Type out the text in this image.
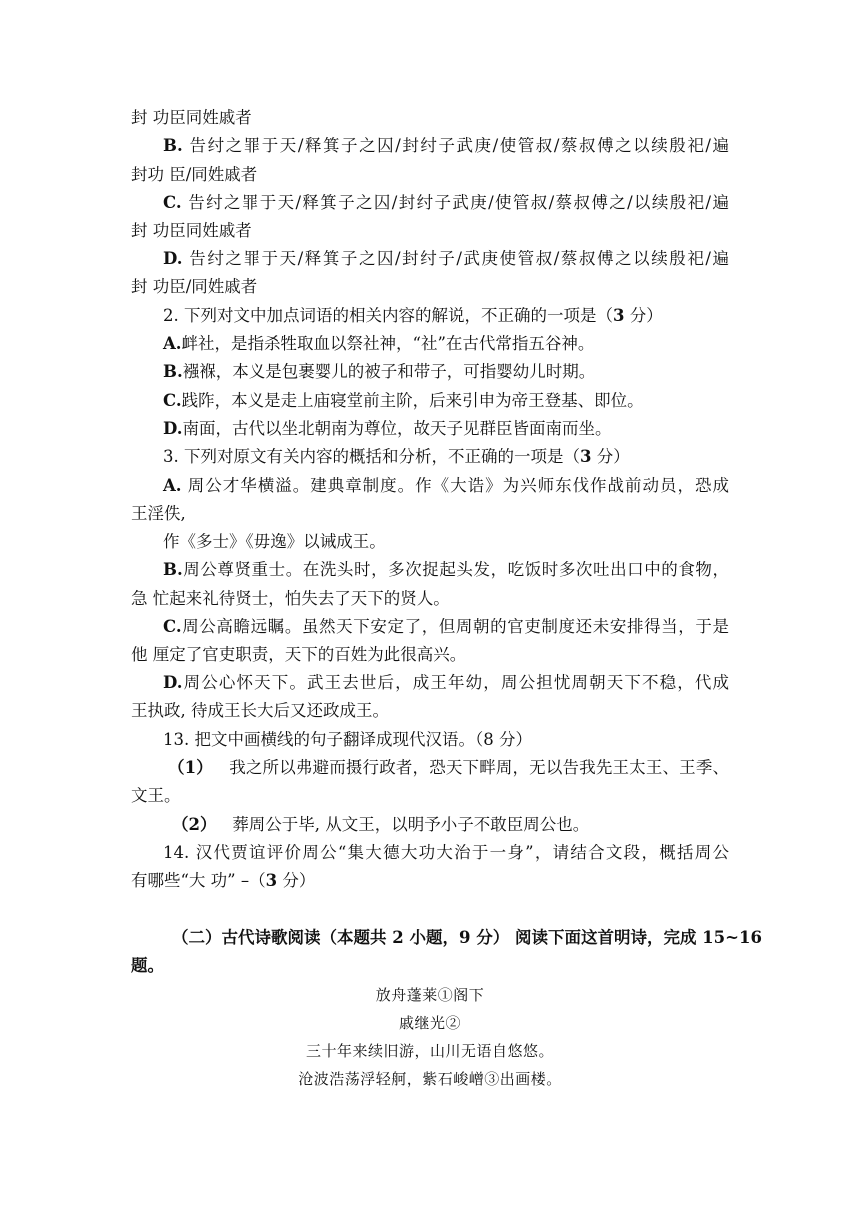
封 功臣同姓戚者
B. 告纣之罪于天/释箕子之囚/封纣子武庚/使管叔/蔡叔傅之以续殷祀/遍
封功 臣/同姓戚者
C. 告纣之罪于天/释箕子之囚/封纣子武庚/使管叔/蔡叔傅之/以续殷祀/遍
封 功臣同姓戚者
D. 告纣之罪于天/释箕子之囚/封纣子/武庚使管叔/蔡叔傅之以续殷祀/遍
封 功臣/同姓戚者
2. 下列对文中加点词语的相关内容的解说，不正确的一项是（3 分）
A.衅社，是指杀牲取血以祭社神，“社”在古代常指五谷神。
B.襁褓，本义是包裹婴儿的被子和带子，可指婴幼儿时期。
C.践阼，本义是走上庙寝堂前主阶，后来引申为帝王登基、即位。
D.南面，古代以坐北朝南为尊位，故天子见群臣皆面南而坐。
3. 下列对原文有关内容的概括和分析，不正确的一项是（3 分）
A. 周公才华横溢。建典章制度。作《大诰》为兴师东伐作战前动员，恐成
王淫佚,
作《多士》《毋逸》以诫成王。
B.周公尊贤重士。在洗头时，多次捉起头发，吃饭时多次吐出口中的食物，
急 忙起来礼待贤士，怕失去了天下的贤人。
C.周公高瞻远瞩。虽然天下安定了，但周朝的官吏制度还未安排得当，于是
他 厘定了官吏职责，天下的百姓为此很高兴。
D.周公心怀天下。武王去世后，成王年幼，周公担忧周朝天下不稳，代成
王执政, 待成王长大后又还政成王。
13. 把文中画横线的句子翻译成现代汉语。（8 分）
（1） 我之所以弗避而摄行政者，恐天下畔周，无以告我先王太王、王季、
文王。
（2） 葬周公于毕, 从文王，以明予小子不敢臣周公也。
14. 汉代贾谊评价周公“集大德大功大治于一身”，请结合文段，概括周公
有哪些“大 功” –（3 分）
（二）古代诗歌阅读（本题共 2 小题，9 分） 阅读下面这首明诗，完成 15~16
题。
放舟蓬莱①阁下
戚继光②
三十年来续旧游，山川无语自悠悠。
沧波浩荡浮轻舸，紫石峻嶒③出画楼。
